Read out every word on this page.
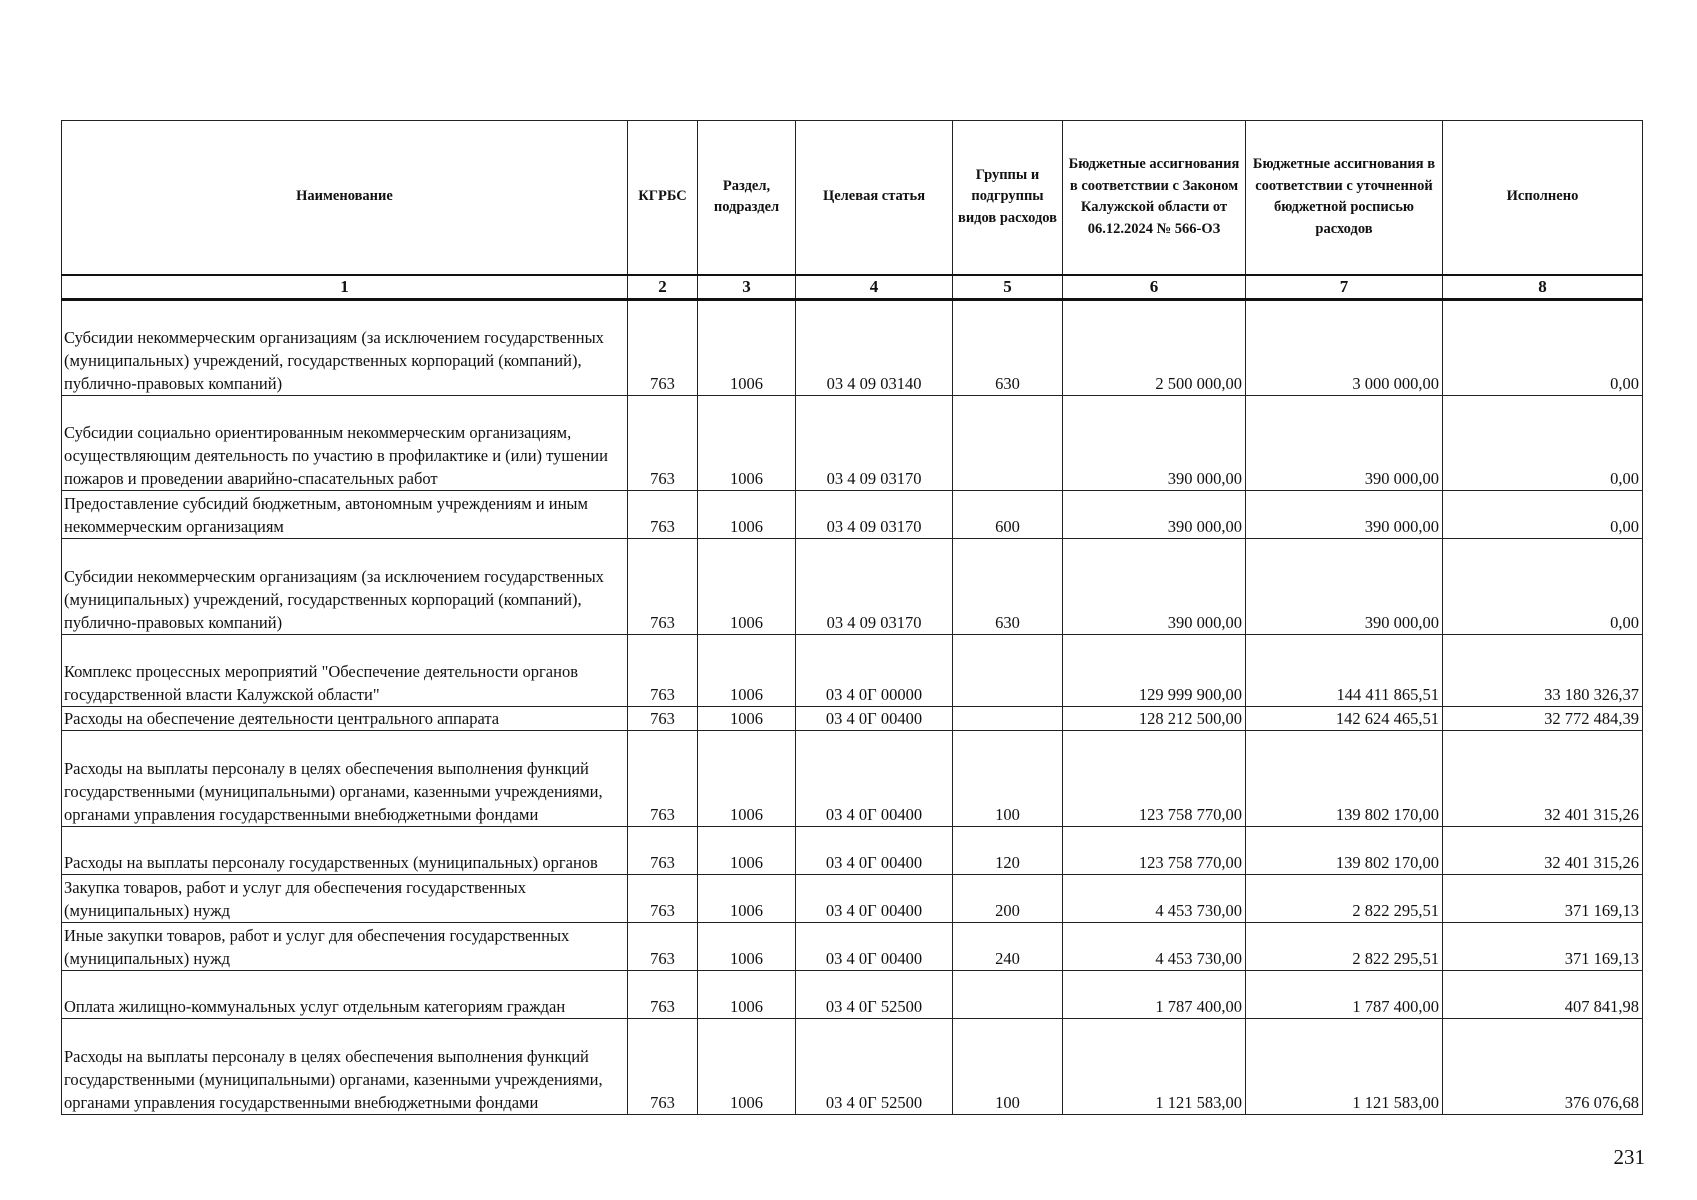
Наименование	КГРБС	Раздел, подраздел	Целевая статья	Группы и подгруппы видов расходов	Бюджетные ассигнования в соответствии с Законом Калужской области от 06.12.2024 № 566-ОЗ	Бюджетные ассигнования в соответствии с уточненной бюджетной росписью расходов	Исполнено
1	2	3	4	5	6	7	8
Субсидии некоммерческим организациям (за исключением государственных (муниципальных) учреждений, государственных корпораций (компаний), публично-правовых компаний)	763	1006	03 4 09 03140	630	2 500 000,00	3 000 000,00	0,00
Субсидии социально ориентированным некоммерческим организациям, осуществляющим деятельность по участию в профилактике и (или) тушении пожаров и проведении аварийно-спасательных работ	763	1006	03 4 09 03170		390 000,00	390 000,00	0,00
Предоставление субсидий бюджетным, автономным учреждениям и иным некоммерческим организациям	763	1006	03 4 09 03170	600	390 000,00	390 000,00	0,00
Субсидии некоммерческим организациям (за исключением государственных (муниципальных) учреждений, государственных корпораций (компаний), публично-правовых компаний)	763	1006	03 4 09 03170	630	390 000,00	390 000,00	0,00
Комплекс процессных мероприятий "Обеспечение деятельности органов государственной власти Калужской области"	763	1006	03 4 0Г 00000		129 999 900,00	144 411 865,51	33 180 326,37
Расходы на обеспечение деятельности центрального аппарата	763	1006	03 4 0Г 00400		128 212 500,00	142 624 465,51	32 772 484,39
Расходы на выплаты персоналу в целях обеспечения выполнения функций государственными (муниципальными) органами, казенными учреждениями, органами управления государственными внебюджетными фондами	763	1006	03 4 0Г 00400	100	123 758 770,00	139 802 170,00	32 401 315,26
Расходы на выплаты персоналу государственных (муниципальных) органов	763	1006	03 4 0Г 00400	120	123 758 770,00	139 802 170,00	32 401 315,26
Закупка товаров, работ и услуг для обеспечения государственных (муниципальных) нужд	763	1006	03 4 0Г 00400	200	4 453 730,00	2 822 295,51	371 169,13
Иные закупки товаров, работ и услуг для обеспечения государственных (муниципальных) нужд	763	1006	03 4 0Г 00400	240	4 453 730,00	2 822 295,51	371 169,13
Оплата жилищно-коммунальных услуг отдельным категориям граждан	763	1006	03 4 0Г 52500		1 787 400,00	1 787 400,00	407 841,98
Расходы на выплаты персоналу в целях обеспечения выполнения функций государственными (муниципальными) органами, казенными учреждениями, органами управления государственными внебюджетными фондами	763	1006	03 4 0Г 52500	100	1 121 583,00	1 121 583,00	376 076,68
231
